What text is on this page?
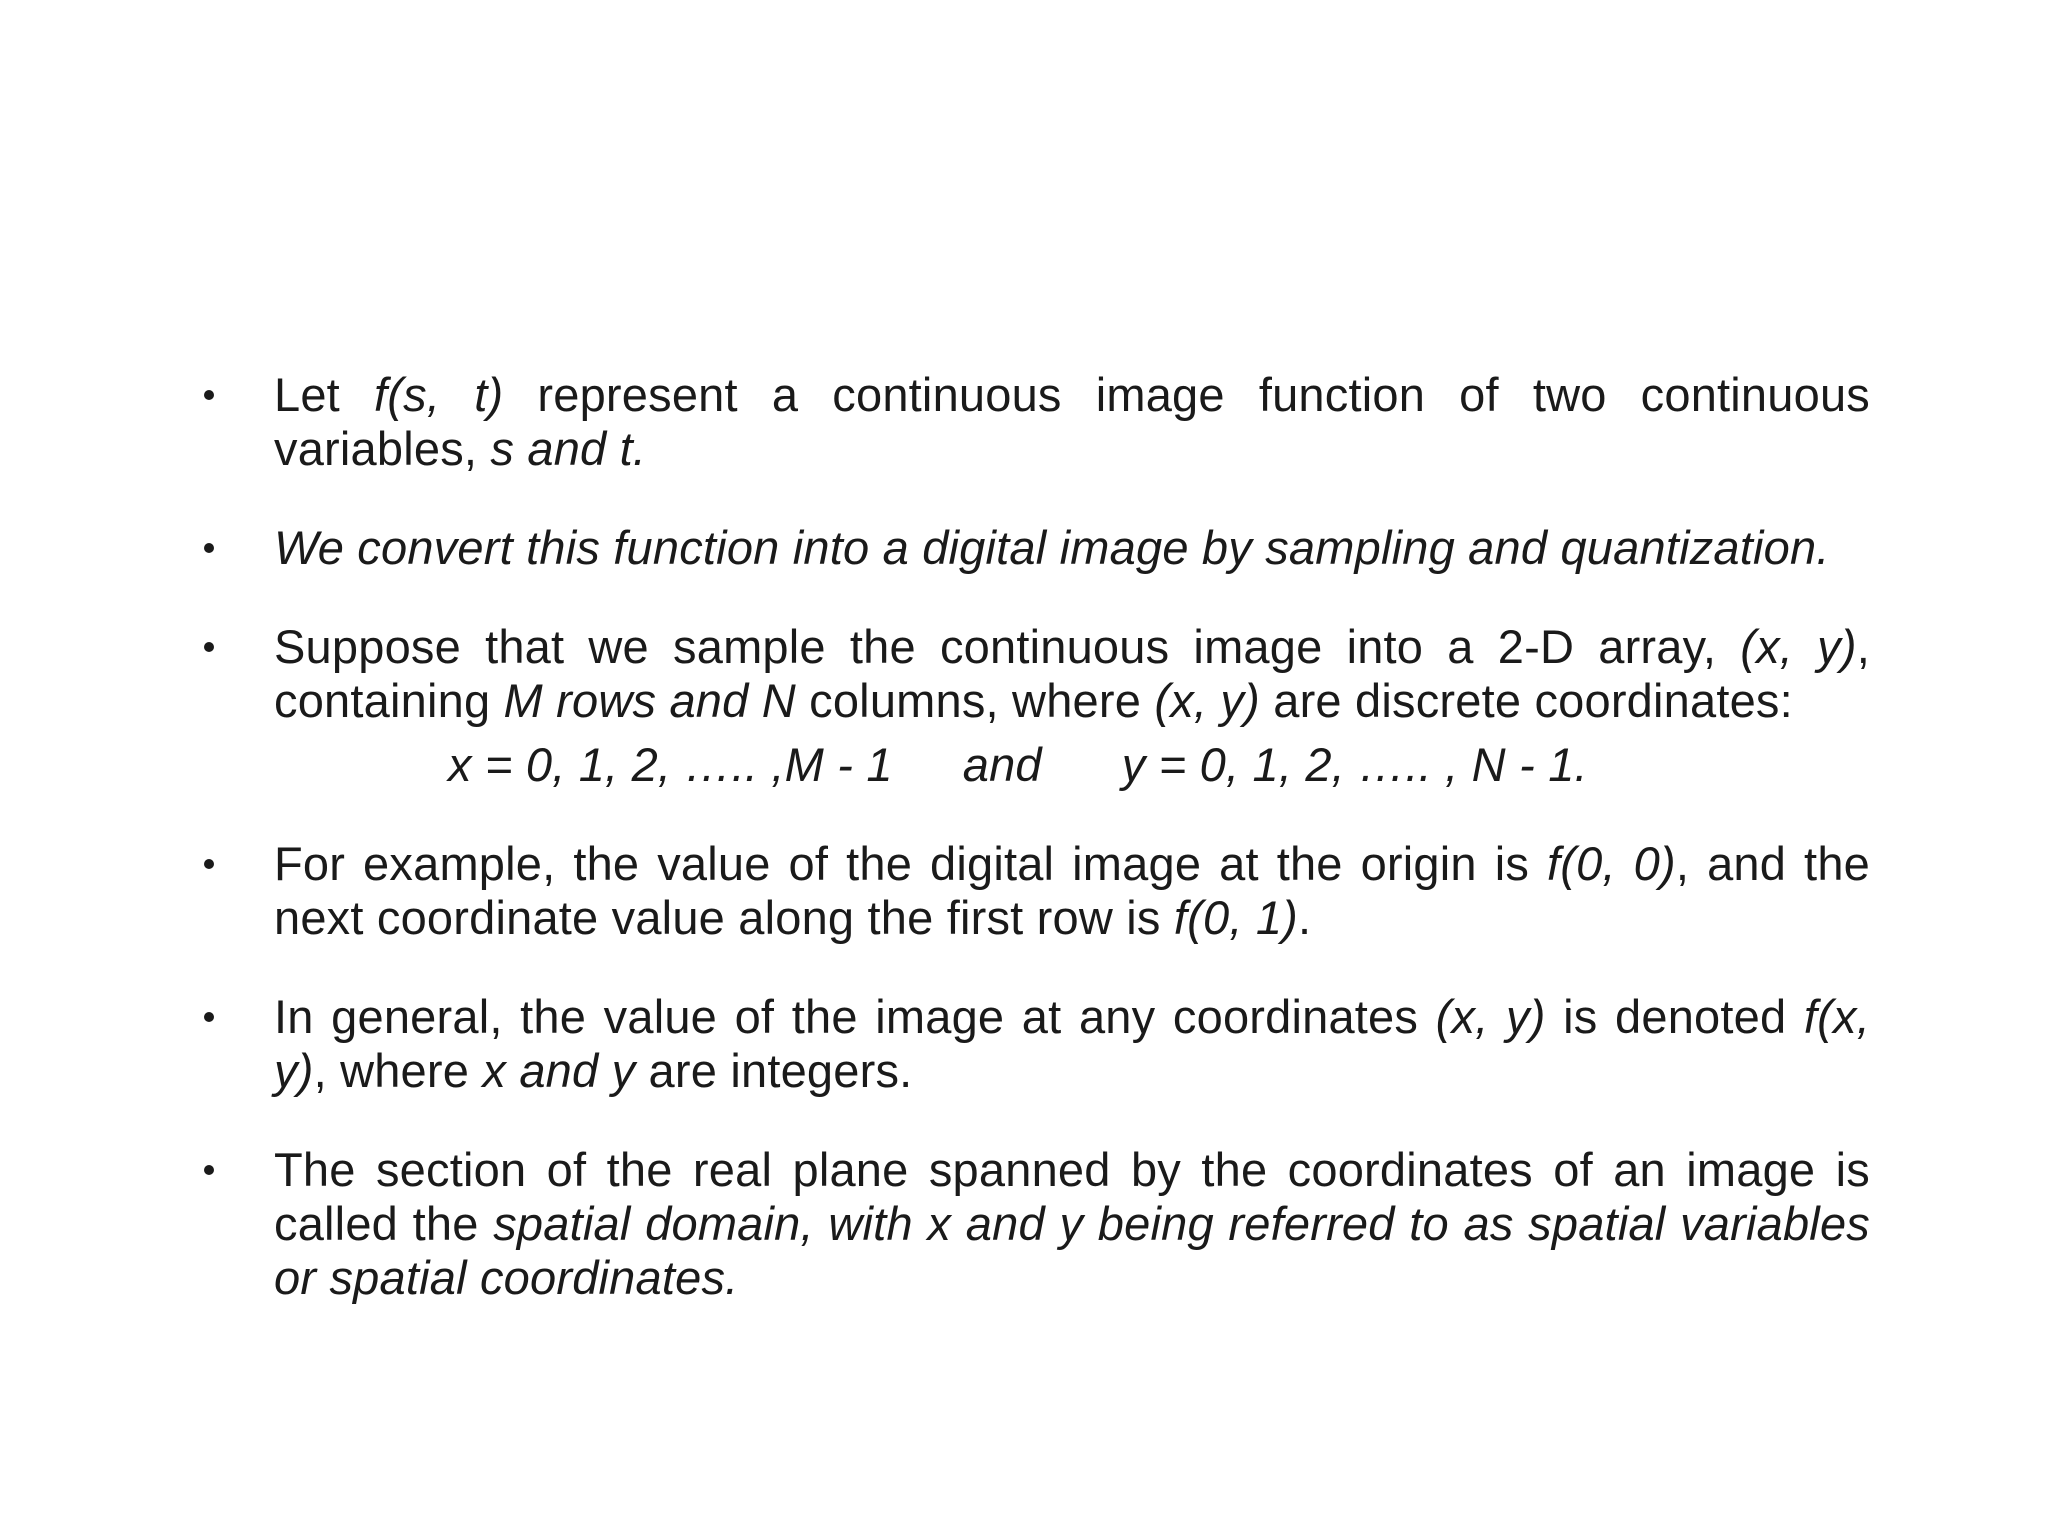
Let f(s, t) represent a continuous image function of two continuous variables, s and t.
We convert this function into a digital image by sampling and quantization.
Suppose that we sample the continuous image into a 2-D array, (x, y), containing M rows and N columns, where (x, y) are discrete coordinates:
x = 0, 1, 2, ….. ,M - 1 and y = 0, 1, 2, ….. , N - 1.
For example, the value of the digital image at the origin is f(0, 0), and the next coordinate value along the first row is f(0, 1).
In general, the value of the image at any coordinates (x, y) is denoted f(x, y), where x and y are integers.
The section of the real plane spanned by the coordinates of an image is called the spatial domain, with x and y being referred to as spatial variables or spatial coordinates.
